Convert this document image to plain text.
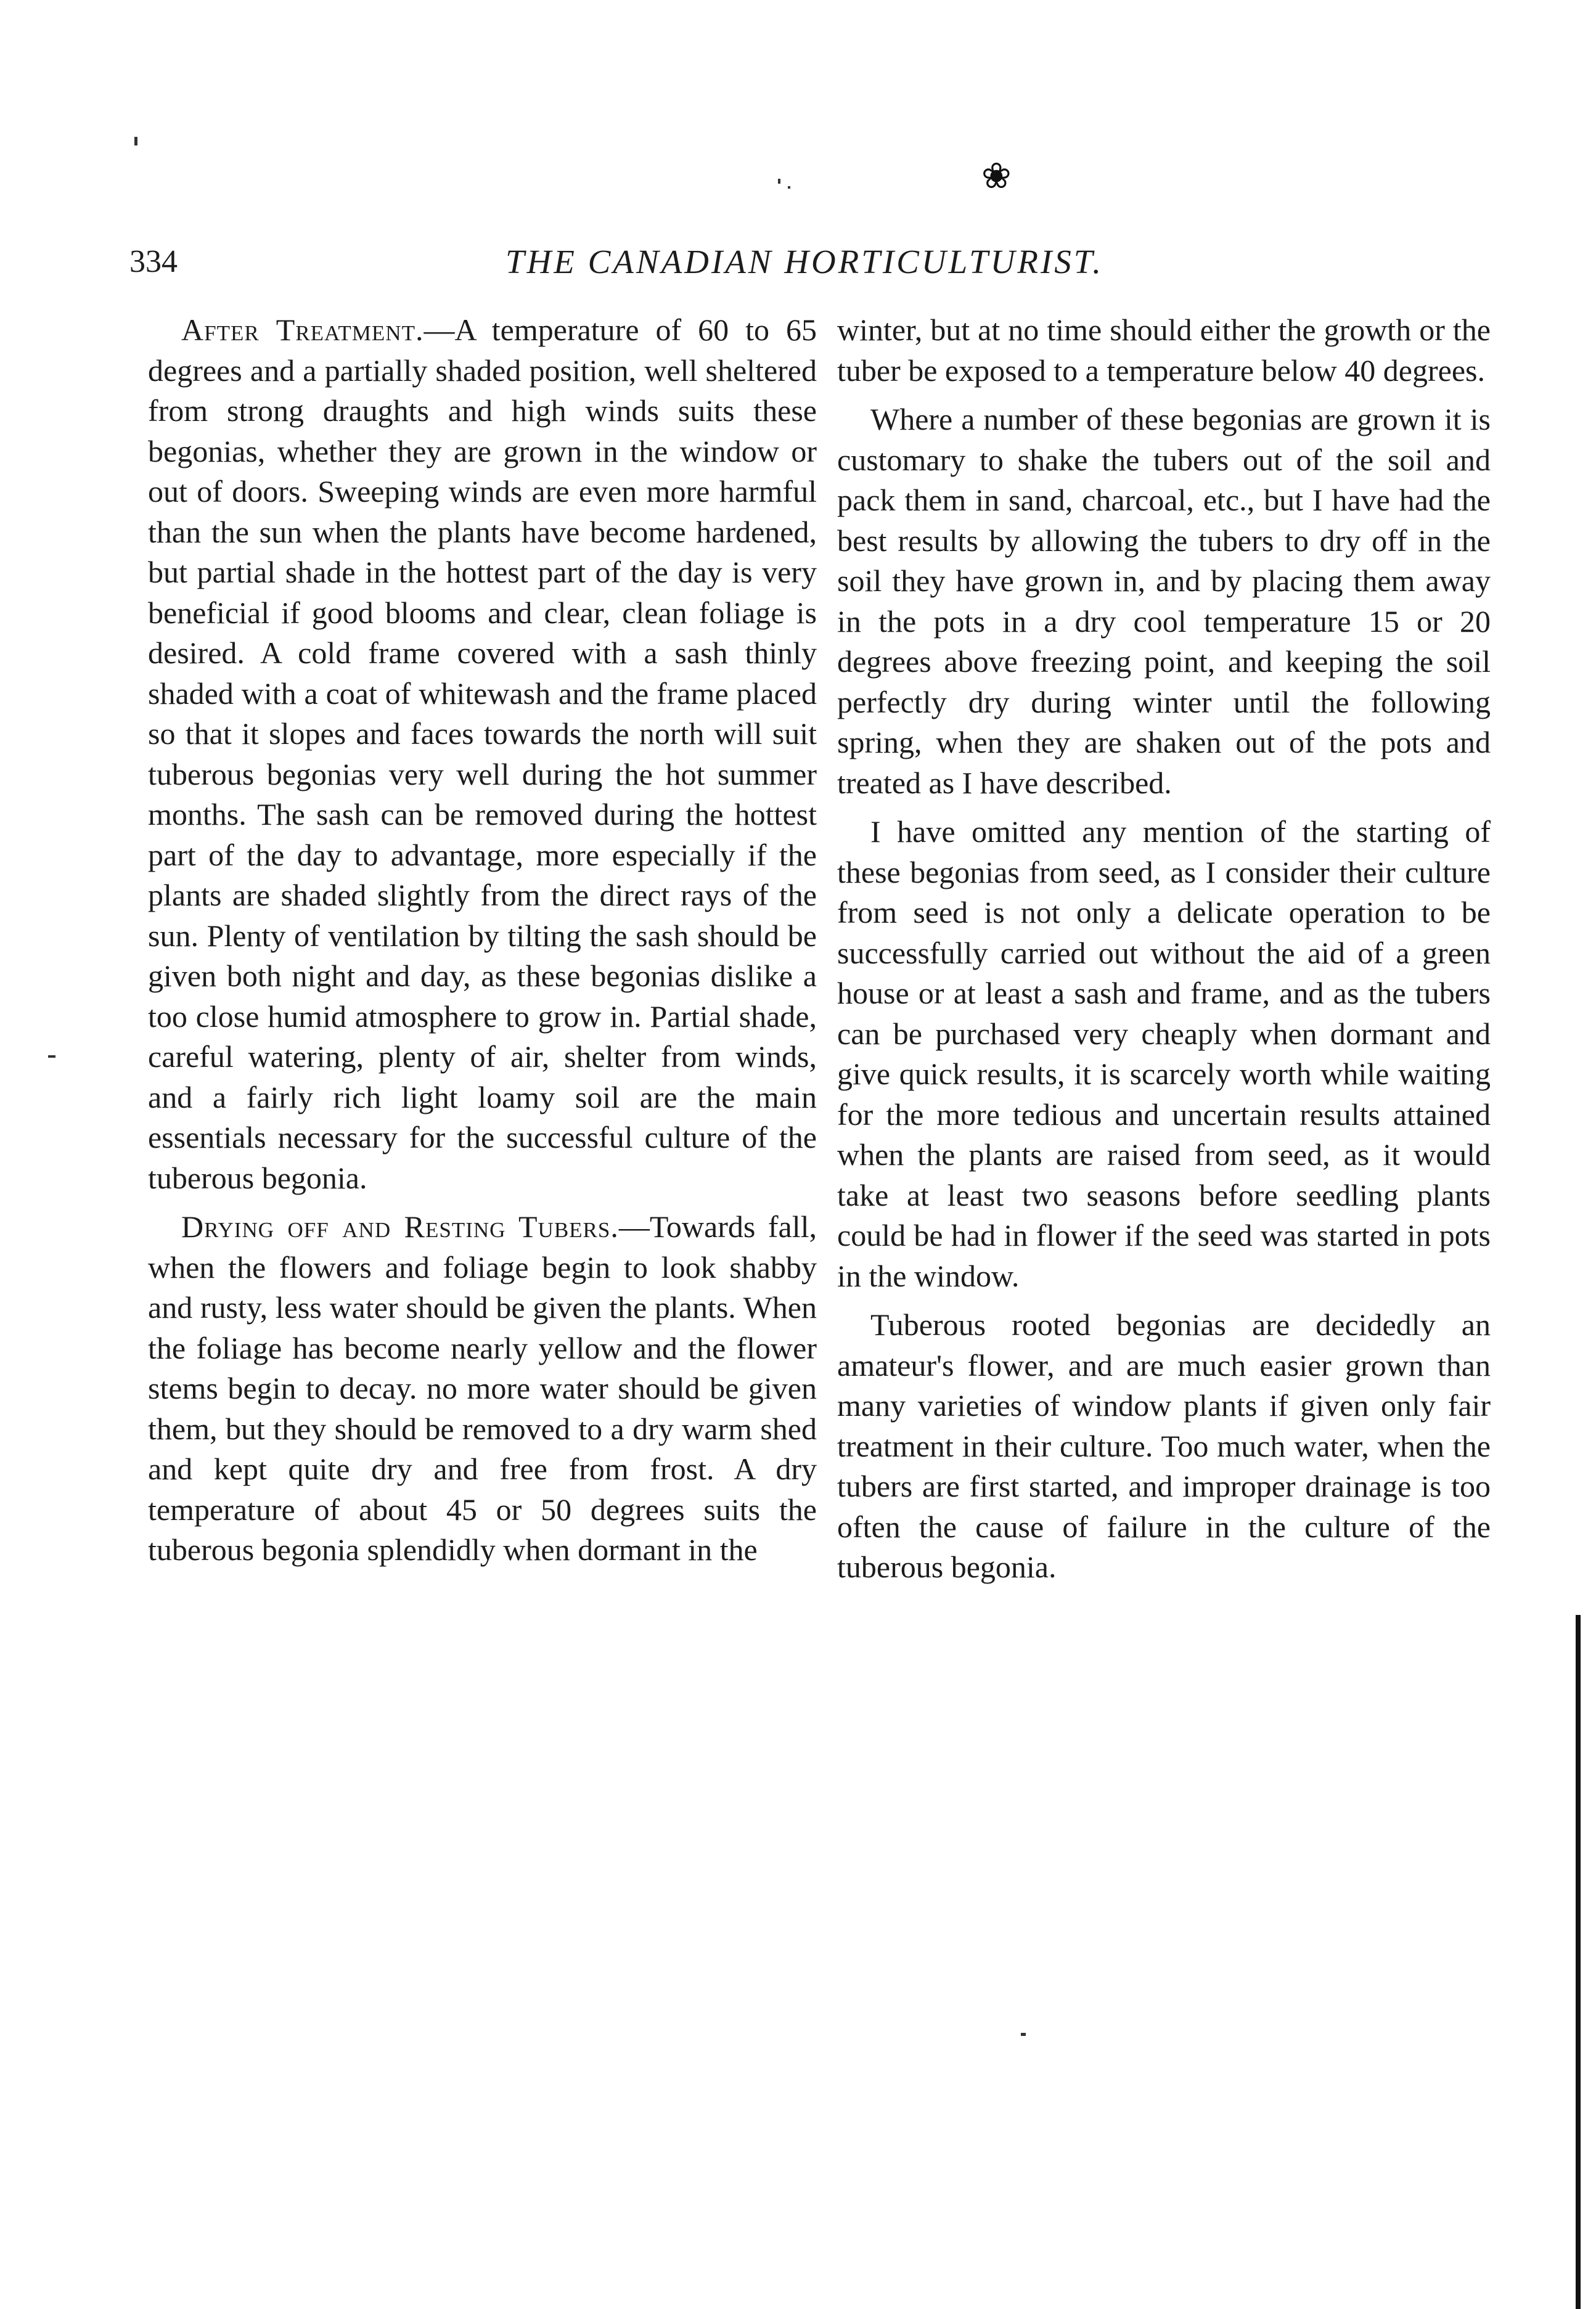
❀
334	THE CANADIAN HORTICULTURIST.

After Treatment.—A temperature of 60 to 65 degrees and a partially shaded position, well sheltered from strong draughts and high winds suits these begonias, whether they are grown in the window or out of doors. Sweeping winds are even more harmful than the sun when the plants have become hardened, but partial shade in the hottest part of the day is very beneficial if good blooms and clear, clean foliage is desired. A cold frame covered with a sash thinly shaded with a coat of whitewash and the frame placed so that it slopes and faces towards the north will suit tuberous begonias very well during the hot summer months. The sash can be removed during the hottest part of the day to advantage, more especially if the plants are shaded slightly from the direct rays of the sun. Plenty of ventilation by tilting the sash should be given both night and day, as these begonias dislike a too close humid atmosphere to grow in. Partial shade, careful watering, plenty of air, shelter from winds, and a fairly rich light loamy soil are the main essentials necessary for the successful culture of the tuberous begonia.

Drying off and Resting Tubers.—Towards fall, when the flowers and foliage begin to look shabby and rusty, less water should be given the plants. When the foliage has become nearly yellow and the flower stems begin to decay. no more water should be given them, but they should be removed to a dry warm shed and kept quite dry and free from frost. A dry temperature of about 45 or 50 degrees suits the tuberous begonia splendidly when dormant in the

winter, but at no time should either the growth or the tuber be exposed to a temperature below 40 degrees.

Where a number of these begonias are grown it is customary to shake the tubers out of the soil and pack them in sand, charcoal, etc., but I have had the best results by allowing the tubers to dry off in the soil they have grown in, and by placing them away in the pots in a dry cool temperature 15 or 20 degrees above freezing point, and keeping the soil perfectly dry during winter until the following spring, when they are shaken out of the pots and treated as I have described.

I have omitted any mention of the starting of these begonias from seed, as I consider their culture from seed is not only a delicate operation to be successfully carried out without the aid of a green house or at least a sash and frame, and as the tubers can be purchased very cheaply when dormant and give quick results, it is scarcely worth while waiting for the more tedious and uncertain results attained when the plants are raised from seed, as it would take at least two seasons before seedling plants could be had in flower if the seed was started in pots in the window.

Tuberous rooted begonias are decidedly an amateur's flower, and are much easier grown than many varieties of window plants if given only fair treatment in their culture. Too much water, when the tubers are first started, and improper drainage is too often the cause of failure in the culture of the tuberous begonia.
